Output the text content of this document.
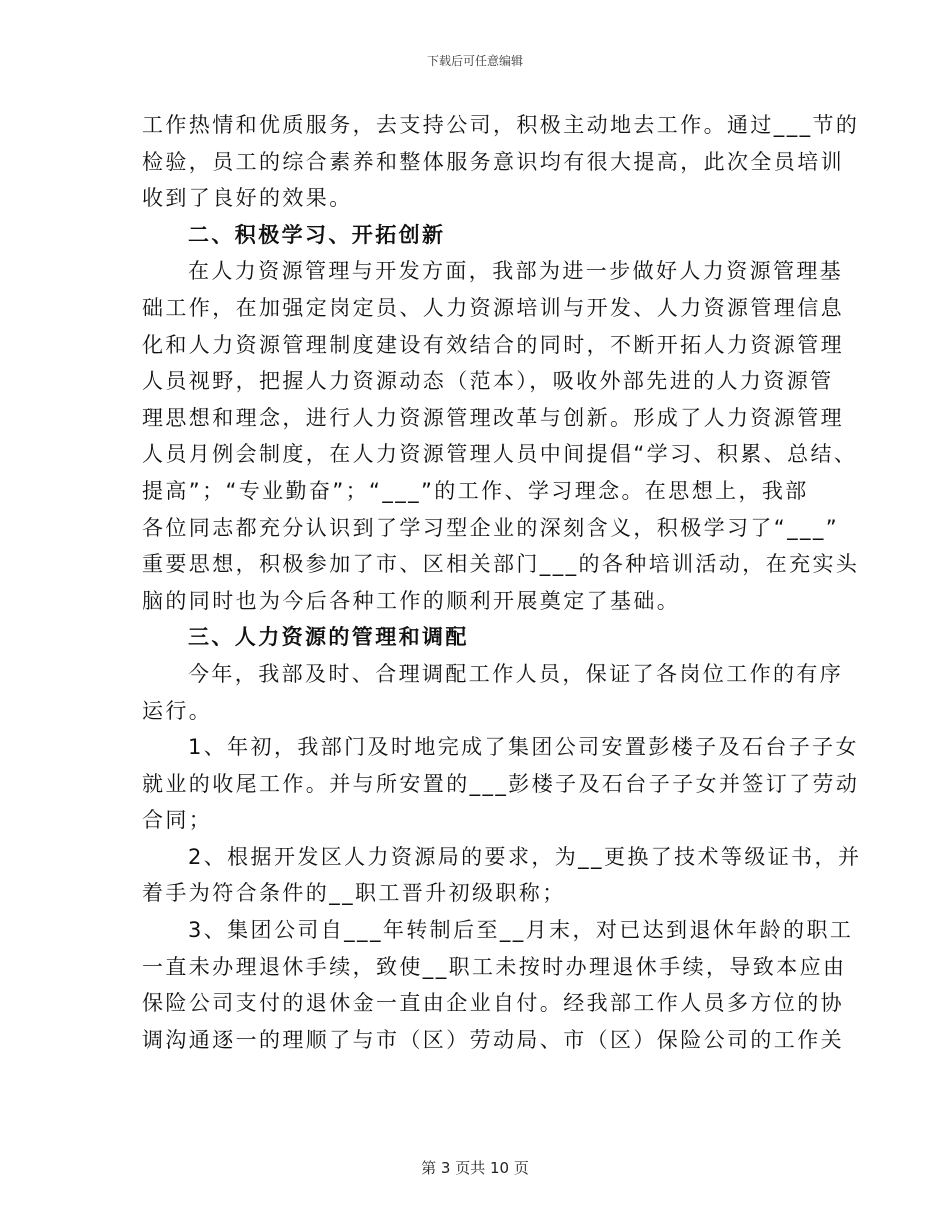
下载后可任意编辑
工作热情和优质服务，去支持公司，积极主动地去工作。通过___节的
检验，员工的综合素养和整体服务意识均有很大提高，此次全员培训
收到了良好的效果。
二、积极学习、开拓创新
在人力资源管理与开发方面，我部为进一步做好人力资源管理基
础工作，在加强定岗定员、人力资源培训与开发、人力资源管理信息
化和人力资源管理制度建设有效结合的同时，不断开拓人力资源管理
人员视野，把握人力资源动态（范本），吸收外部先进的人力资源管
理思想和理念，进行人力资源管理改革与创新。形成了人力资源管理
人员月例会制度，在人力资源管理人员中间提倡“学习、积累、总结、
提高”；“专业勤奋”；“___”的工作、学习理念。在思想上，我部
各位同志都充分认识到了学习型企业的深刻含义，积极学习了“___”
重要思想，积极参加了市、区相关部门___的各种培训活动，在充实头
脑的同时也为今后各种工作的顺利开展奠定了基础。
三、人力资源的管理和调配
今年，我部及时、合理调配工作人员，保证了各岗位工作的有序
运行。
1、年初，我部门及时地完成了集团公司安置彭楼子及石台子子女
就业的收尾工作。并与所安置的___彭楼子及石台子子女并签订了劳动
合同；
2、根据开发区人力资源局的要求，为__更换了技术等级证书，并
着手为符合条件的__职工晋升初级职称；
3、集团公司自___年转制后至__月末，对已达到退休年龄的职工
一直未办理退休手续，致使__职工未按时办理退休手续，导致本应由
保险公司支付的退休金一直由企业自付。经我部工作人员多方位的协
调沟通逐一的理顺了与市（区）劳动局、市（区）保险公司的工作关
第 3 页共 10 页
